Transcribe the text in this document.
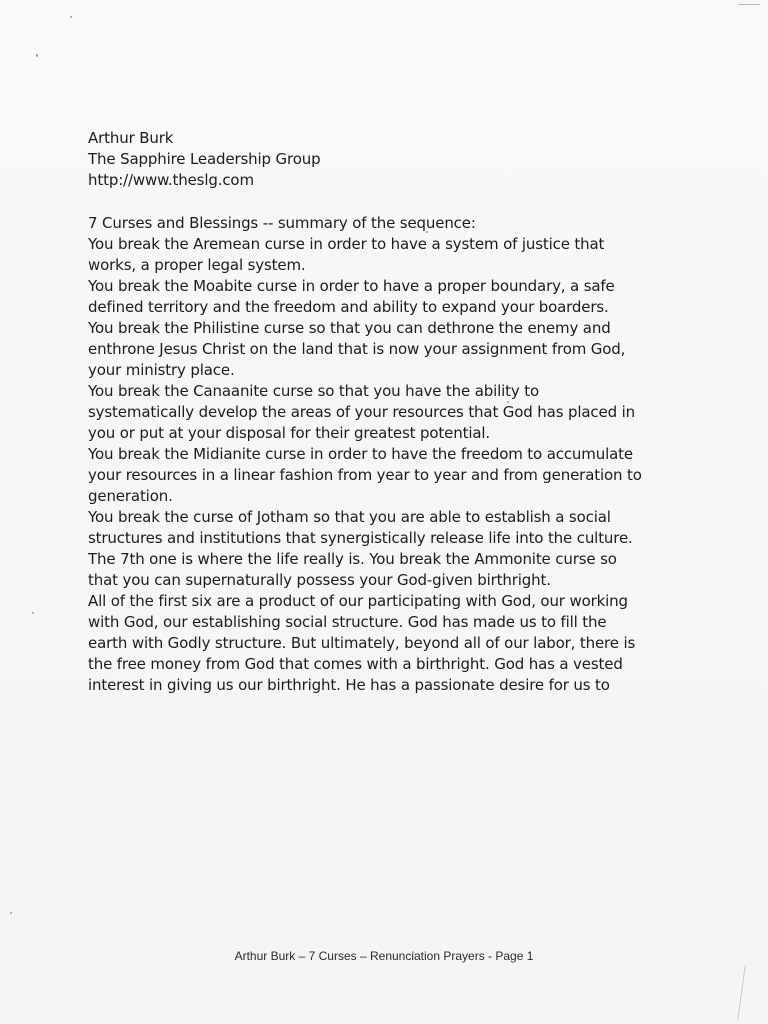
Arthur Burk

The Sapphire Leadership Group
http://www.theslg.com

7 Curses and Blessings -- summary of the sequence:

You break the Aremean curse in order to have a system of justice that
works, a proper legal system.

You break the Moabite curse in order to have a proper boundary, a safe
defined territory and the freedom and ability to expand your boarders.

You break the Philistine curse so that you can dethrone the enemy and
enthrone Jesus Christ on the land that is now your assignment from God,
your ministry place.

You break the Canaanite curse so that you have the ability to
systematically develop the areas of your resources that God has placed in
you or put at your disposal for their greatest potential.

You break the Midianite curse in order to have the freedom to accumulate
your resources in a linear fashion from year to year and from generation to
generation.

You break the curse of Jotham so that you are able to establish a social
structures and institutions that synergistically release life into the culture.

The 7th one is where the life really is. You break the Ammonite curse so
that you can supernaturally possess your God-given birthright.

All of the first six are a product of our participating with God, our working
with God, our establishing social structure. God has made us to fill the
earth with Godly structure. But ultimately, beyond all of our labor, there is
the free money from God that comes with a birthright. God has a vested
interest in giving us our birthright. He has a passionate desire for us to

Arthur Burk – 7 Curses – Renunciation Prayers - Page 1
